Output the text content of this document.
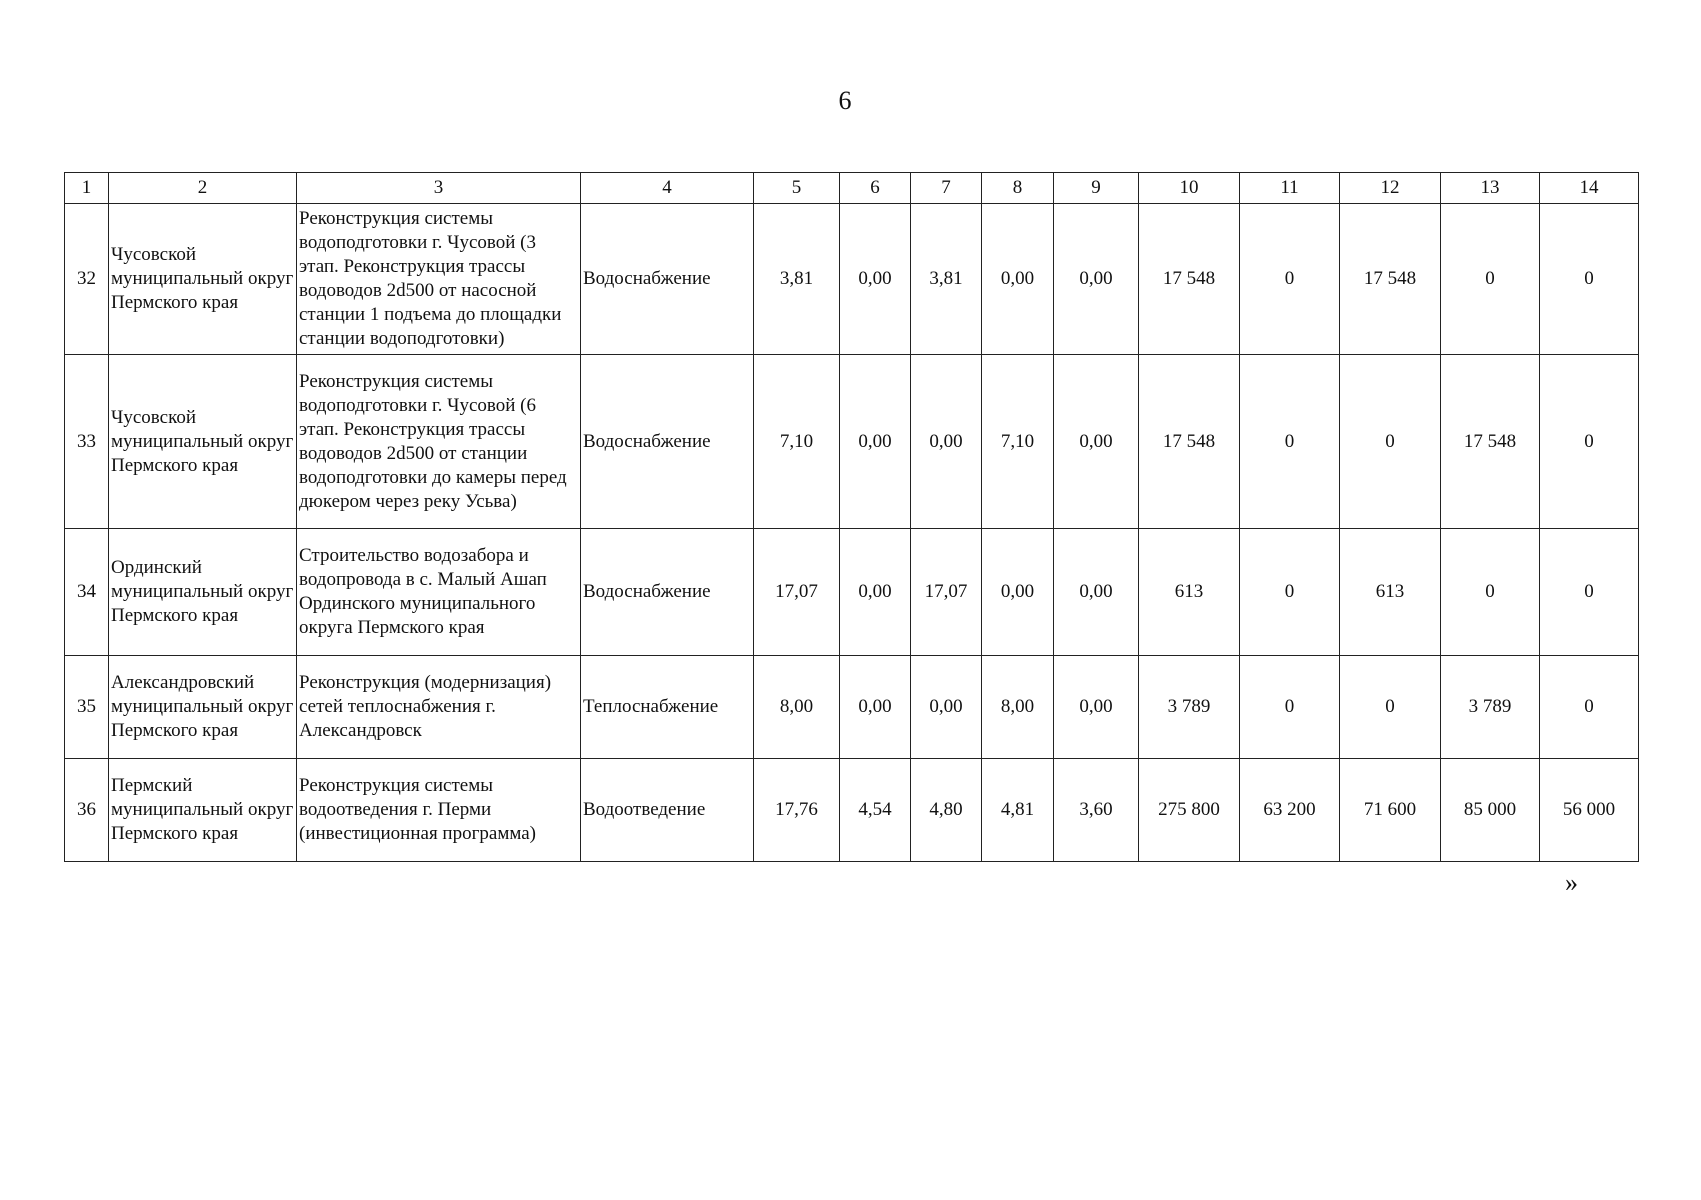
6
1	2	3	4	5	6	7	8	9	10	11	12	13	14
32	Чусовской муниципальный округ Пермского края	Реконструкция системы водоподготовки г. Чусовой (3 этап. Реконструкция трассы водоводов 2d500 от насосной станции 1 подъема до площадки станции водоподготовки)	Водоснабжение	3,81	0,00	3,81	0,00	0,00	17 548	0	17 548	0	0
33	Чусовской муниципальный округ Пермского края	Реконструкция системы водоподготовки г. Чусовой (6 этап. Реконструкция трассы водоводов 2d500 от станции водоподготовки до камеры перед дюкером через реку Усьва)	Водоснабжение	7,10	0,00	0,00	7,10	0,00	17 548	0	0	17 548	0
34	Ординский муниципальный округ Пермского края	Строительство водозабора и водопровода в с. Малый Ашап Ординского муниципального округа Пермского края	Водоснабжение	17,07	0,00	17,07	0,00	0,00	613	0	613	0	0
35	Александровский муниципальный округ Пермского края	Реконструкция (модернизация) сетей теплоснабжения г. Александровск	Теплоснабжение	8,00	0,00	0,00	8,00	0,00	3 789	0	0	3 789	0
36	Пермский муниципальный округ Пермского края	Реконструкция системы водоотведения г. Перми (инвестиционная программа)	Водоотведение	17,76	4,54	4,80	4,81	3,60	275 800	63 200	71 600	85 000	56 000
»
